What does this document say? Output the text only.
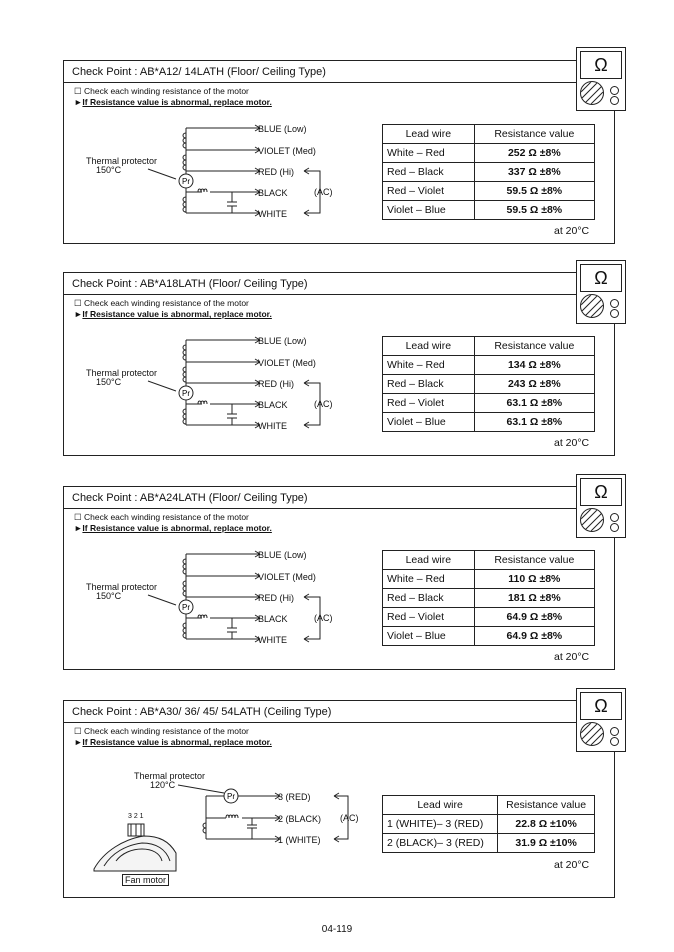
Check Point : AB*A12/ 14LATH (Floor/ Ceiling Type)
☐ Check each winding resistance of the motor
►If Resistance value is abnormal, replace motor.
Pr
BLUE (Low)
VIOLET (Med)
RED (Hi)
BLACK
WHITE
(AC)
Thermal protector
150°C
Lead wire	Resistance value
White – Red	252 Ω ±8%
Red – Black	337 Ω ±8%
Red – Violet	59.5 Ω ±8%
Violet – Blue	59.5 Ω ±8%
at 20°C
Ω
Check Point : AB*A18LATH (Floor/ Ceiling Type)
☐ Check each winding resistance of the motor
►If Resistance value is abnormal, replace motor.
Pr
BLUE (Low)
VIOLET (Med)
RED (Hi)
BLACK
WHITE
(AC)
Thermal protector
150°C
Lead wire	Resistance value
White – Red	134 Ω ±8%
Red – Black	243 Ω ±8%
Red – Violet	63.1 Ω ±8%
Violet – Blue	63.1 Ω ±8%
at 20°C
Ω
Check Point : AB*A24LATH (Floor/ Ceiling Type)
☐ Check each winding resistance of the motor
►If Resistance value is abnormal, replace motor.
Pr
BLUE (Low)
VIOLET (Med)
RED (Hi)
BLACK
WHITE
(AC)
Thermal protector
150°C
Lead wire	Resistance value
White – Red	110 Ω ±8%
Red – Black	181 Ω ±8%
Red – Violet	64.9 Ω ±8%
Violet – Blue	64.9 Ω ±8%
at 20°C
Ω
Check Point : AB*A30/ 36/ 45/ 54LATH (Ceiling Type)
☐ Check each winding resistance of the motor
►If Resistance value is abnormal, replace motor.
Pr
Thermal protector
120°C
3 (RED)
2 (BLACK)
1 (WHITE)
(AC)
3 2 1
Fan motor
Lead wire	Resistance value
1 (WHITE)– 3 (RED)	22.8 Ω ±10%
2 (BLACK)– 3 (RED)	31.9 Ω ±10%
at 20°C
Ω
04-119
